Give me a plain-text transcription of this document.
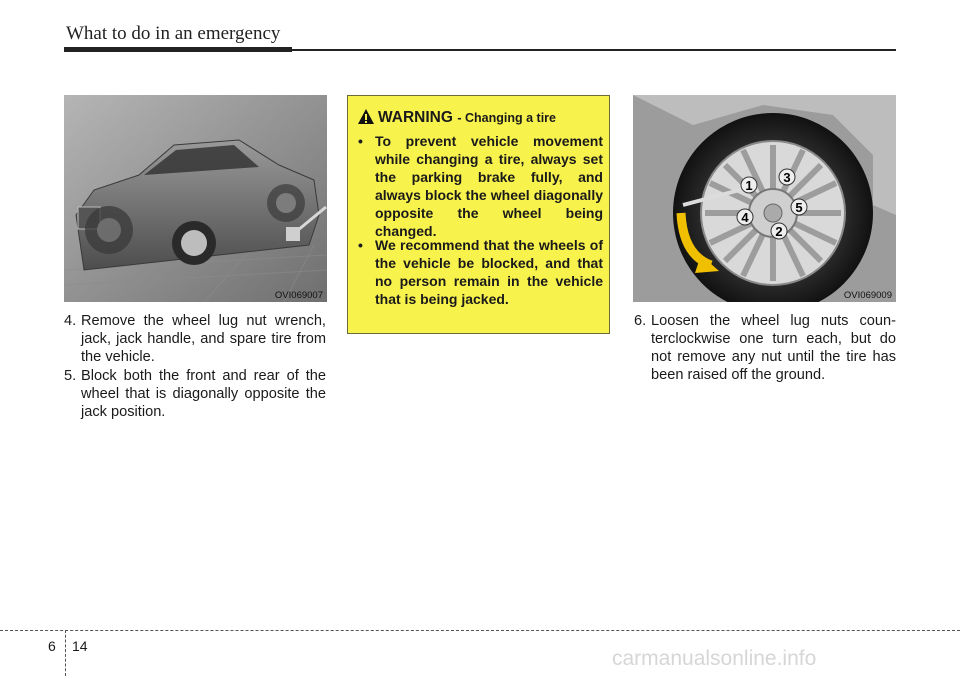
What to do in an emergency
OVI069007
4. Remove the wheel lug nut wrench, jack, jack handle, and spare tire from the vehicle.
5. Block both the front and rear of the wheel that is diagonally opposite the jack position.
WARNING - Changing a tire
• To prevent vehicle movement while changing a tire, always set the parking brake fully, and always block the wheel diagonally opposite the wheel being changed.
• We recommend that the wheels of the vehicle be blocked, and that no person remain in the vehicle that is being jacked.
1
2
3
4
5
OVI069009
6. Loosen the wheel lug nuts coun-terclockwise one turn each, but do not remove any nut until the tire has been raised off the ground.
6 14
carmanualsonline.info
